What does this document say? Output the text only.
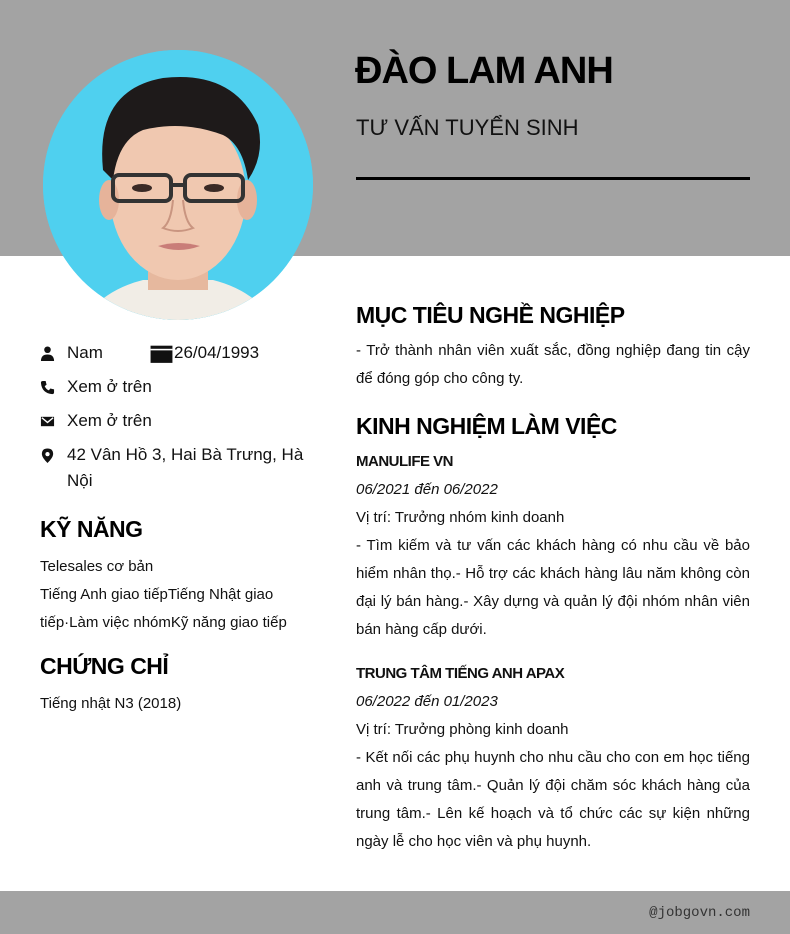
ĐÀO LAM ANH
TƯ VẤN TUYỂN SINH
Nam	26/04/1993
Xem ở trên
Xem ở trên
42 Vân Hồ 3, Hai Bà Trưng, Hà Nội
KỸ NĂNG
Telesales cơ bản
Tiếng Anh giao tiếpTiếng Nhật giao tiếp·Làm việc nhómKỹ năng giao tiếp
CHỨNG CHỈ
Tiếng nhật N3 (2018)
MỤC TIÊU NGHỀ NGHIỆP
- Trở thành nhân viên xuất sắc, đồng nghiệp đang tin cậy để đóng góp cho công ty.
KINH NGHIỆM LÀM VIỆC
MANULIFE VN
06/2021 đến 06/2022
Vị trí: Trưởng nhóm kinh doanh
- Tìm kiếm và tư vấn các khách hàng có nhu cầu về bảo hiểm nhân thọ.- Hỗ trợ các khách hàng lâu năm không còn đại lý bán hàng.- Xây dựng và quản lý đội nhóm nhân viên bán hàng cấp dưới.
TRUNG TÂM TIẾNG ANH APAX
06/2022 đến 01/2023
Vị trí: Trưởng phòng kinh doanh
- Kết nối các phụ huynh cho nhu cầu cho con em học tiếng anh và trung tâm.- Quản lý đội chăm sóc khách hàng của trung tâm.- Lên kế hoạch và tổ chức các sự kiện những ngày lễ cho học viên và phụ huynh.
@jobgovn.com
